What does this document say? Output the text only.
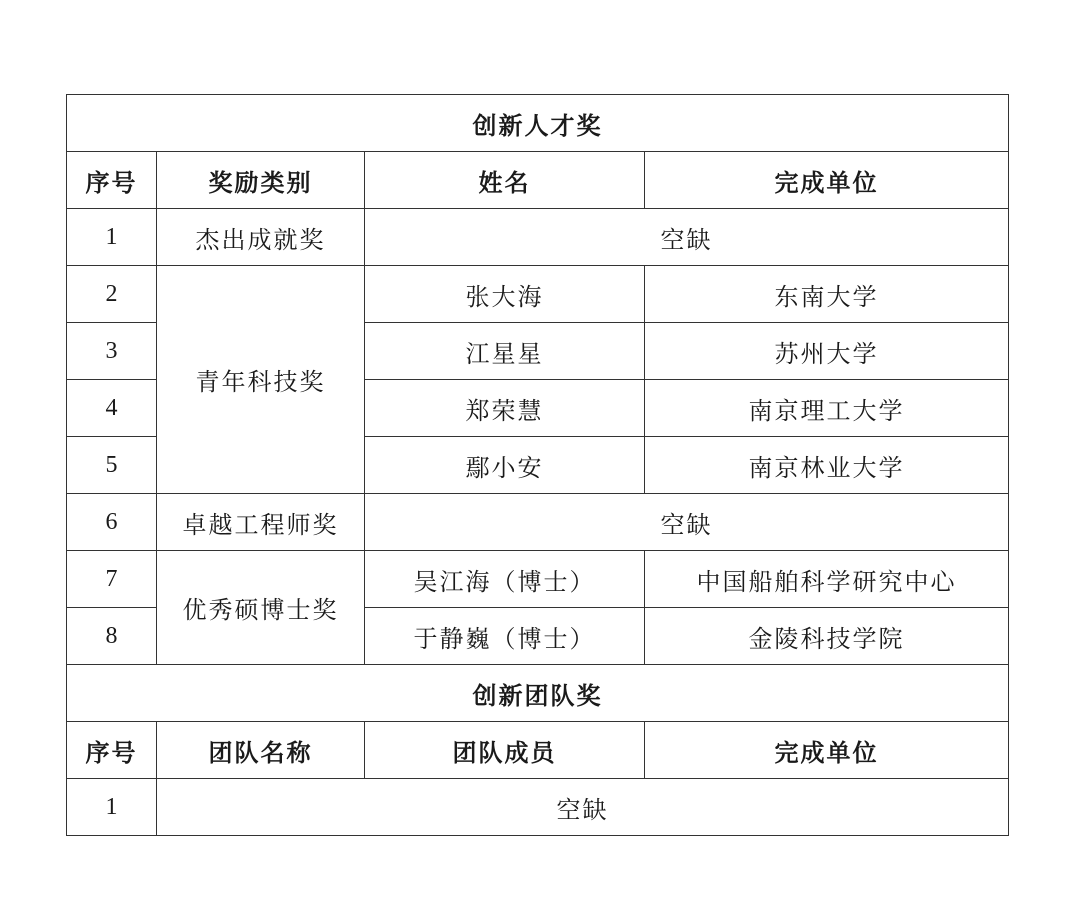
创新人才奖			
序号	奖励类别	姓名	完成单位
1	杰出成就奖	空缺	
2	青年科技奖	张大海	东南大学
3		江星星	苏州大学
4		郑荣慧	南京理工大学
5		鄢小安	南京林业大学
6	卓越工程师奖	空缺	
7	优秀硕博士奖	吴江海（博士）	中国船舶科学研究中心
8		于静巍（博士）	金陵科技学院
创新团队奖			
序号	团队名称	团队成员	完成单位
1	空缺		
